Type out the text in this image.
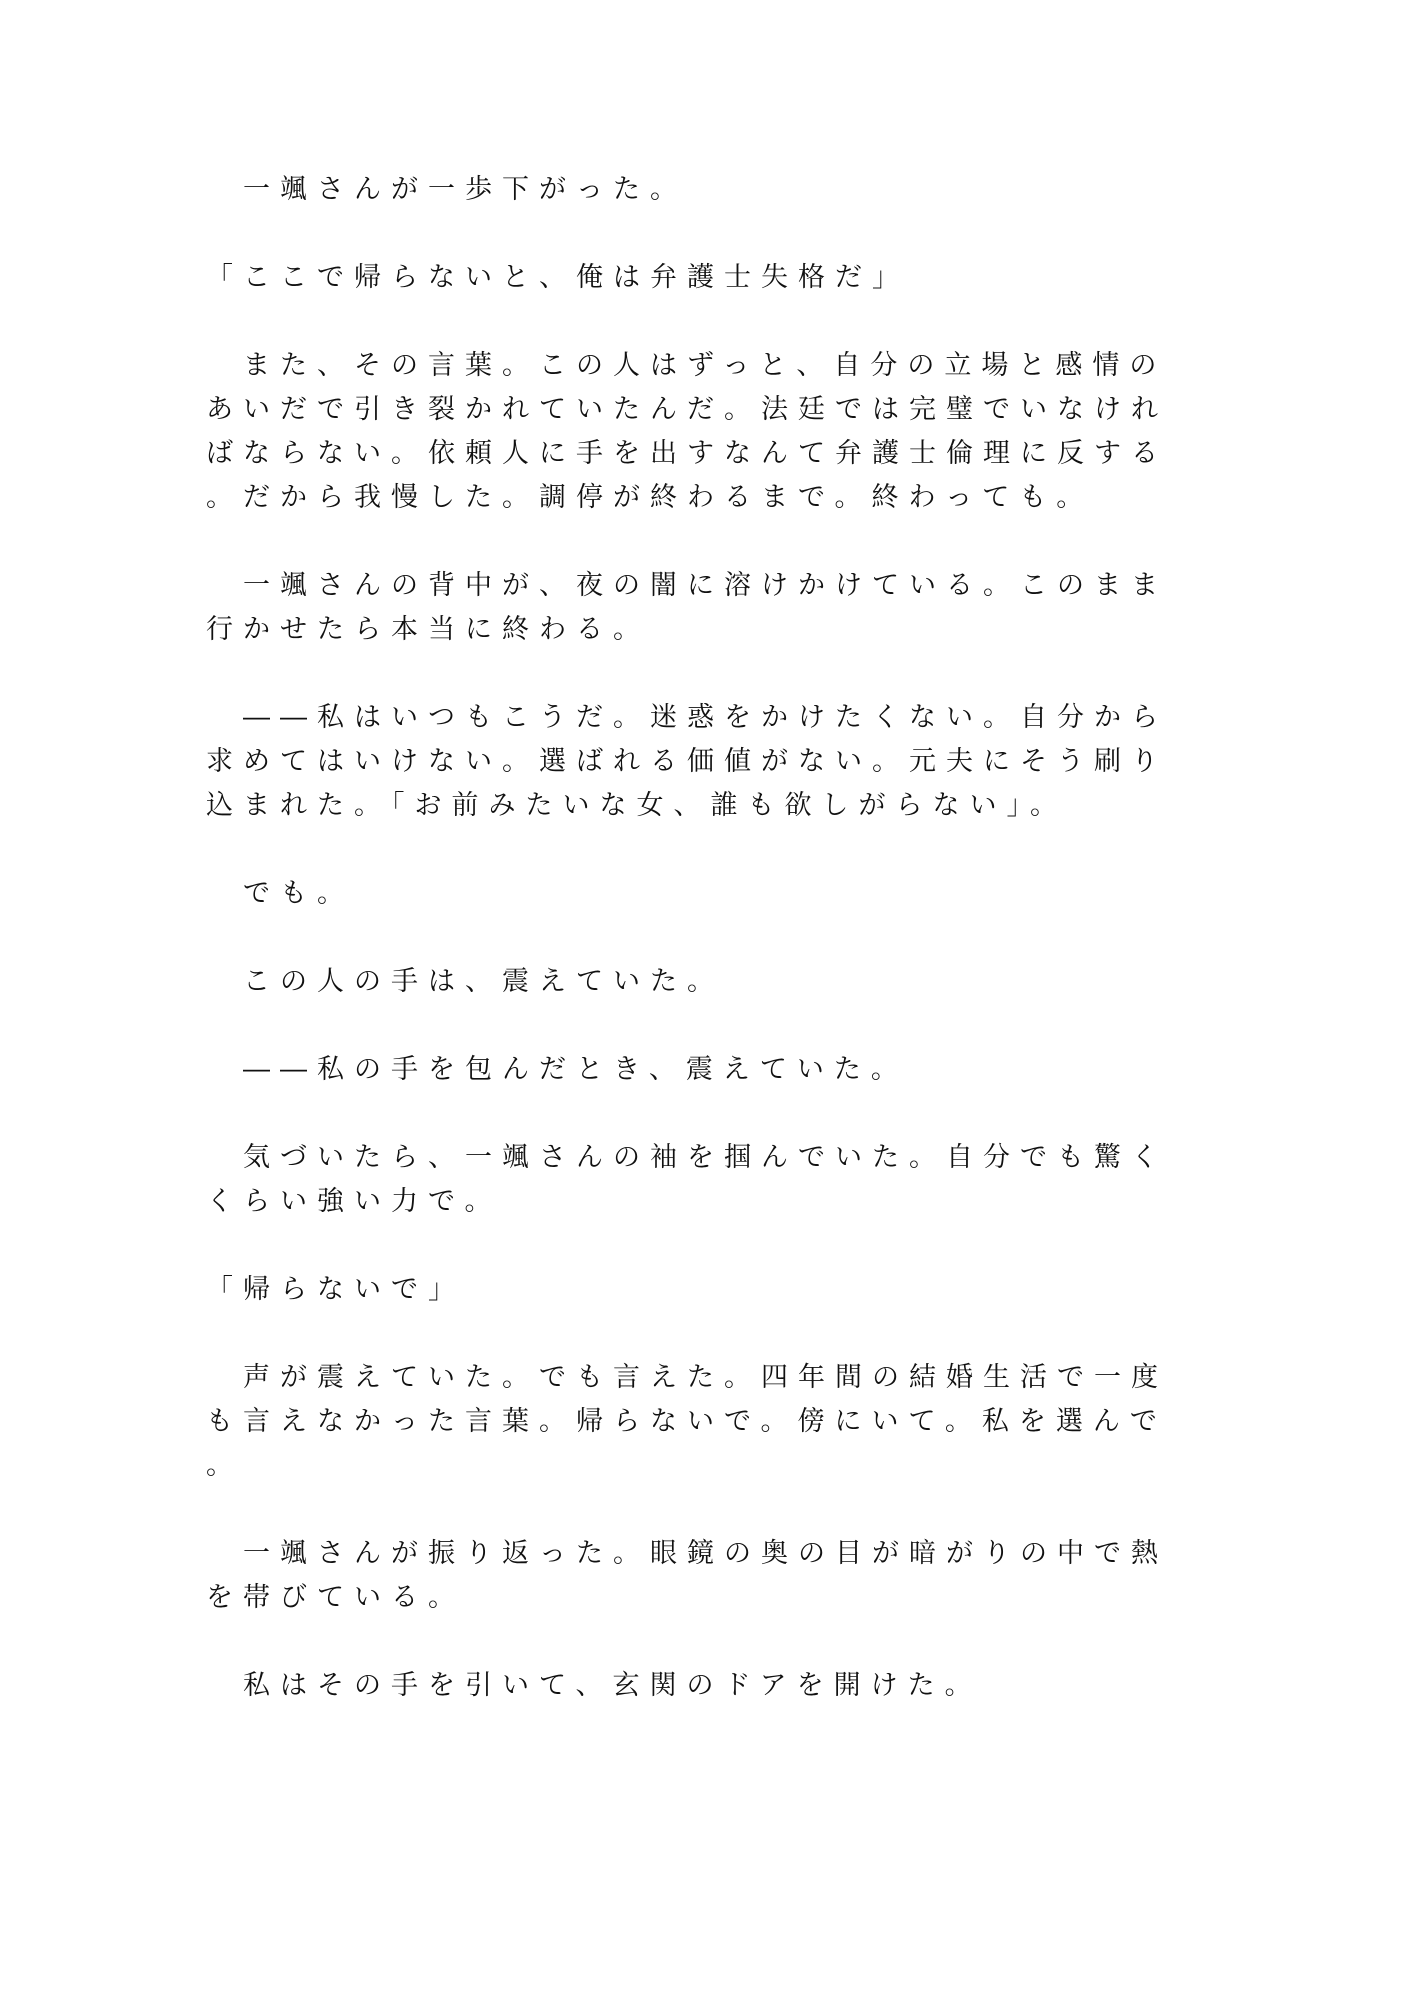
　一颯さんが一歩下がった。

「ここで帰らないと、俺は弁護士失格だ」

　また、その言葉。この人はずっと、自分の立場と感情のあいだで引き裂かれていたんだ。法廷では完璧でいなければならない。依頼人に手を出すなんて弁護士倫理に反する。だから我慢した。調停が終わるまで。終わっても。

　一颯さんの背中が、夜の闇に溶けかけている。このまま行かせたら本当に終わる。

　――私はいつもこうだ。迷惑をかけたくない。自分から求めてはいけない。選ばれる価値がない。元夫にそう刷り込まれた。「お前みたいな女、誰も欲しがらない」。

　でも。

　この人の手は、震えていた。

　――私の手を包んだとき、震えていた。

　気づいたら、一颯さんの袖を掴んでいた。自分でも驚くくらい強い力で。

「帰らないで」

　声が震えていた。でも言えた。四年間の結婚生活で一度も言えなかった言葉。帰らないで。傍にいて。私を選んで。

　一颯さんが振り返った。眼鏡の奥の目が暗がりの中で熱を帯びている。

　私はその手を引いて、玄関のドアを開けた。
